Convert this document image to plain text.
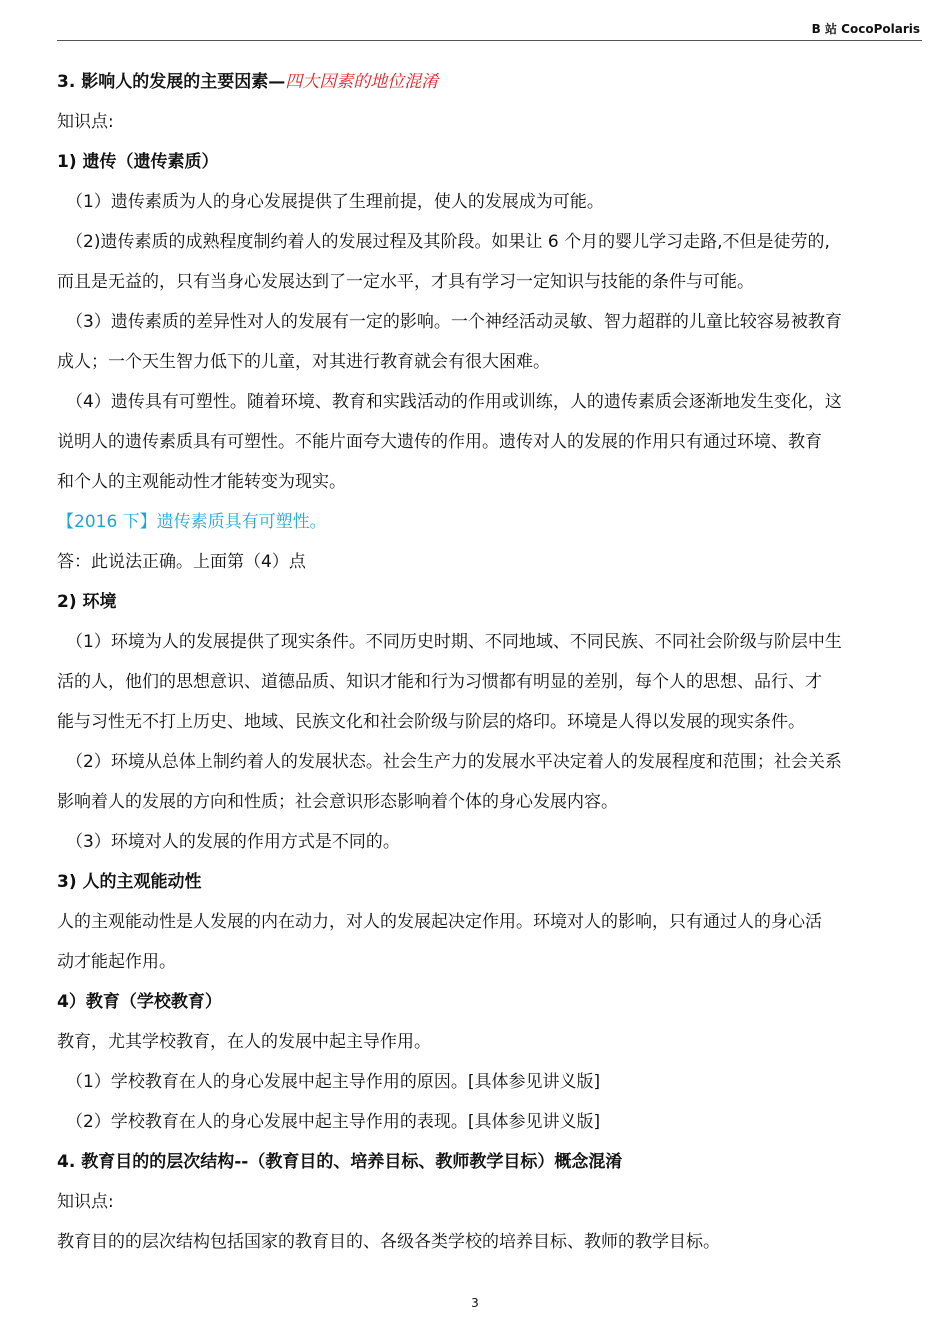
B 站 CocoPolaris
3. 影响人的发展的主要因素—四大因素的地位混淆
知识点:
1) 遗传（遗传素质）
（1）遗传素质为人的身心发展提供了生理前提，使人的发展成为可能。
（2)遗传素质的成熟程度制约着人的发展过程及其阶段。如果让 6 个月的婴儿学习走路,不但是徒劳的,
而且是无益的，只有当身心发展达到了一定水平，才具有学习一定知识与技能的条件与可能。
（3）遗传素质的差异性对人的发展有一定的影响。一个神经活动灵敏、智力超群的儿童比较容易被教育
成人；一个天生智力低下的儿童，对其进行教育就会有很大困难。
（4）遗传具有可塑性。随着环境、教育和实践活动的作用或训练，人的遗传素质会逐渐地发生变化，这
说明人的遗传素质具有可塑性。不能片面夸大遗传的作用。遗传对人的发展的作用只有通过环境、教育
和个人的主观能动性才能转变为现实。
【2016 下】遗传素质具有可塑性。
答：此说法正确。上面第（4）点
2) 环境
（1）环境为人的发展提供了现实条件。不同历史时期、不同地域、不同民族、不同社会阶级与阶层中生
活的人，他们的思想意识、道德品质、知识才能和行为习惯都有明显的差别，每个人的思想、品行、才
能与习性无不打上历史、地域、民族文化和社会阶级与阶层的烙印。环境是人得以发展的现实条件。
（2）环境从总体上制约着人的发展状态。社会生产力的发展水平决定着人的发展程度和范围；社会关系
影响着人的发展的方向和性质；社会意识形态影响着个体的身心发展内容。
（3）环境对人的发展的作用方式是不同的。
3) 人的主观能动性
人的主观能动性是人发展的内在动力，对人的发展起决定作用。环境对人的影响，只有通过人的身心活
动才能起作用。
4）教育（学校教育）
教育，尤其学校教育，在人的发展中起主导作用。
（1）学校教育在人的身心发展中起主导作用的原因。[具体参见讲义版]
（2）学校教育在人的身心发展中起主导作用的表现。[具体参见讲义版]
4. 教育目的的层次结构--（教育目的、培养目标、教师教学目标）概念混淆
知识点:
教育目的的层次结构包括国家的教育目的、各级各类学校的培养目标、教师的教学目标。
3
